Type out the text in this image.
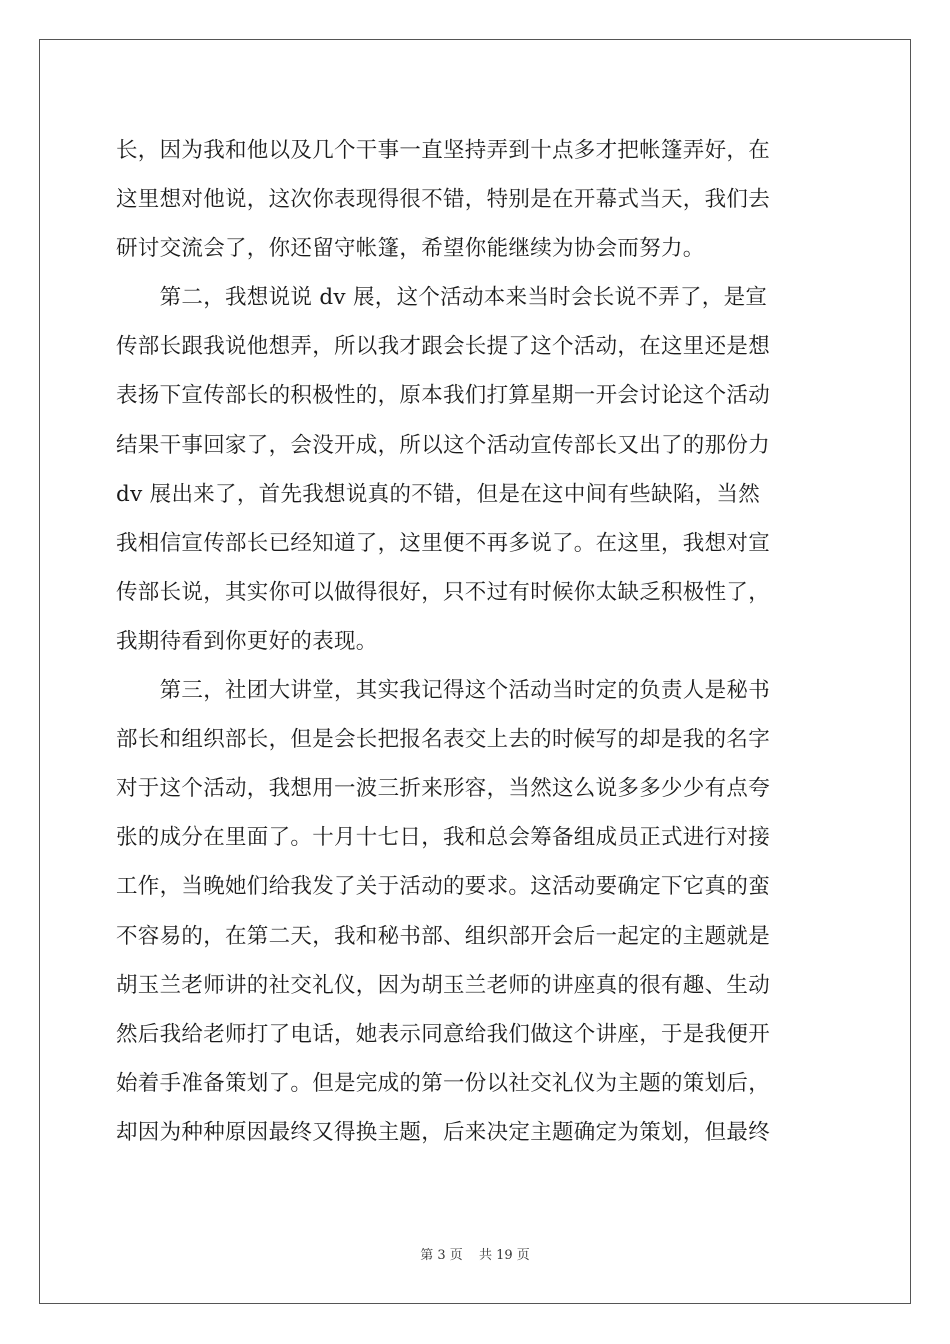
长，因为我和他以及几个干事一直坚持弄到十点多才把帐篷弄好，在
这里想对他说，这次你表现得很不错，特别是在开幕式当天，我们去
研讨交流会了，你还留守帐篷，希望你能继续为协会而努力。
　　第二，我想说说 dv 展，这个活动本来当时会长说不弄了，是宣
传部长跟我说他想弄，所以我才跟会长提了这个活动，在这里还是想
表扬下宣传部长的积极性的，原本我们打算星期一开会讨论这个活动
结果干事回家了，会没开成，所以这个活动宣传部长又出了的那份力
dv 展出来了，首先我想说真的不错，但是在这中间有些缺陷，当然
我相信宣传部长已经知道了，这里便不再多说了。在这里，我想对宣
传部长说，其实你可以做得很好，只不过有时候你太缺乏积极性了，
我期待看到你更好的表现。
　　第三，社团大讲堂，其实我记得这个活动当时定的负责人是秘书
部长和组织部长，但是会长把报名表交上去的时候写的却是我的名字
对于这个活动，我想用一波三折来形容，当然这么说多多少少有点夸
张的成分在里面了。十月十七日，我和总会筹备组成员正式进行对接
工作，当晚她们给我发了关于活动的要求。这活动要确定下它真的蛮
不容易的，在第二天，我和秘书部、组织部开会后一起定的主题就是
胡玉兰老师讲的社交礼仪，因为胡玉兰老师的讲座真的很有趣、生动
然后我给老师打了电话，她表示同意给我们做这个讲座，于是我便开
始着手准备策划了。但是完成的第一份以社交礼仪为主题的策划后，
却因为种种原因最终又得换主题，后来决定主题确定为策划，但最终
第 3 页 共 19 页
